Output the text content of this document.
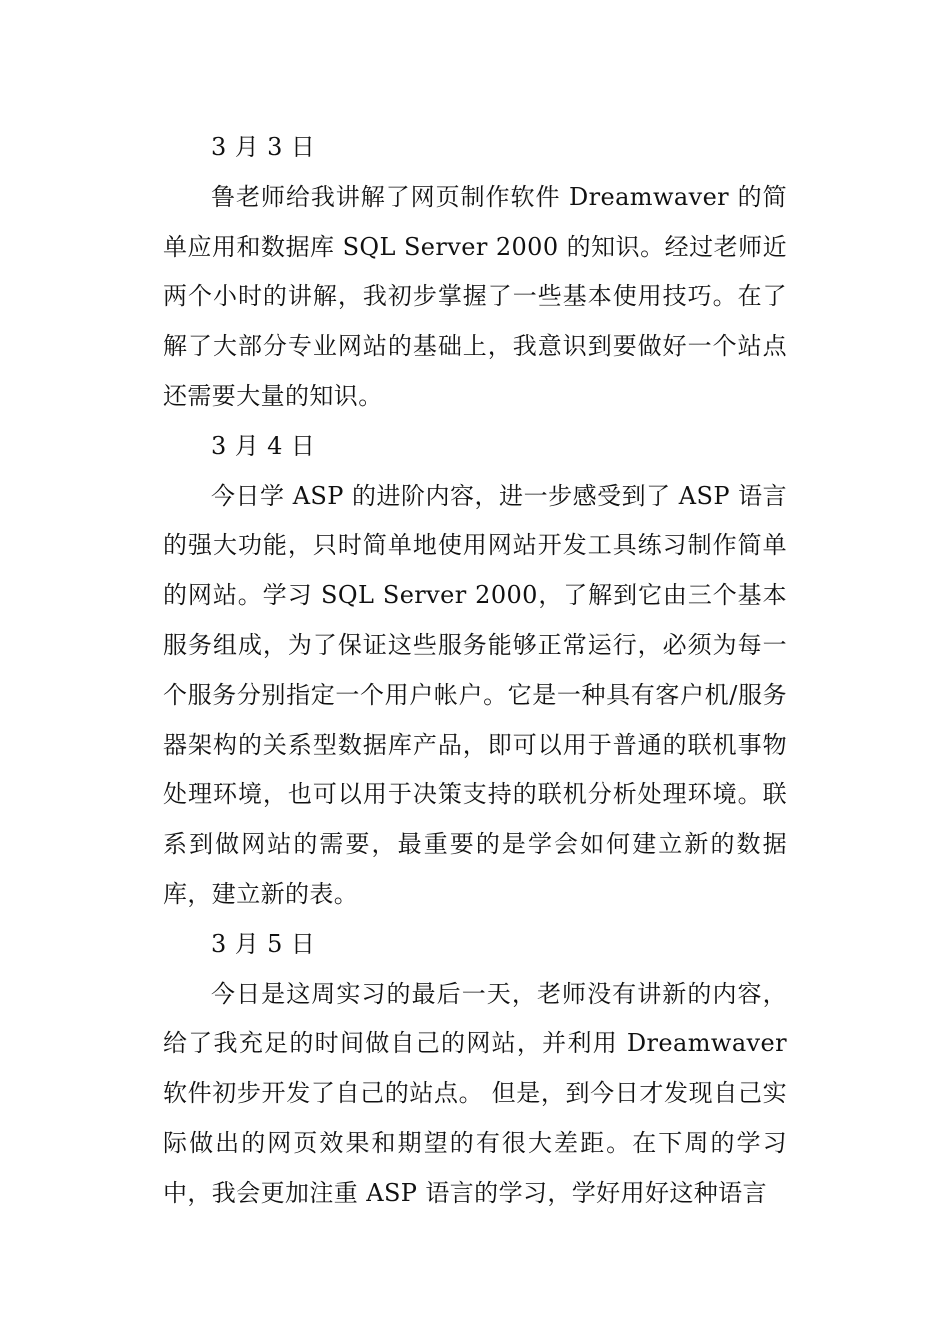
3 月 3 日

鲁老师给我讲解了网页制作软件 Dreamwaver 的简单应用和数据库 SQL Server 2000 的知识。经过老师近两个小时的讲解，我初步掌握了一些基本使用技巧。在了解了大部分专业网站的基础上，我意识到要做好一个站点还需要大量的知识。

3 月 4 日

今日学 ASP 的进阶内容，进一步感受到了 ASP 语言的强大功能，只时简单地使用网站开发工具练习制作简单的网站。学习 SQL Server 2000，了解到它由三个基本服务组成，为了保证这些服务能够正常运行，必须为每一个服务分别指定一个用户帐户。它是一种具有客户机/服务器架构的关系型数据库产品，即可以用于普通的联机事物处理环境，也可以用于决策支持的联机分析处理环境。联系到做网站的需要，最重要的是学会如何建立新的数据库，建立新的表。

3 月 5 日

今日是这周实习的最后一天，老师没有讲新的内容，给了我充足的时间做自己的网站，并利用 Dreamwaver 软件初步开发了自己的站点。 但是，到今日才发现自己实际做出的网页效果和期望的有很大差距。在下周的学习中，我会更加注重 ASP 语言的学习，学好用好这种语言
